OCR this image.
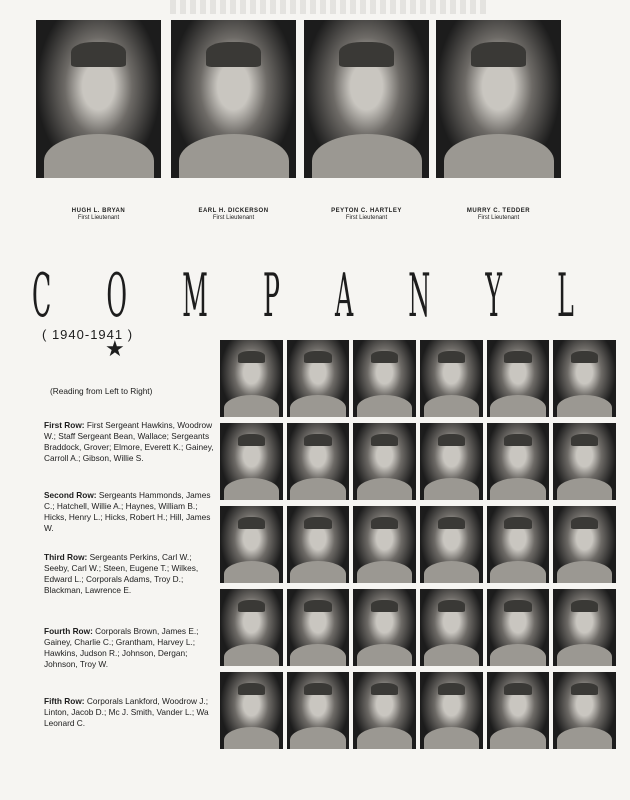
HUGH L. BRYAN
First Lieutenant
EARL H. DICKERSON
First Lieutenant
PEYTON C. HARTLEY
First Lieutenant
MURRY C. TEDDER
First Lieutenant
C O M P A N Y L
( 1940-1941 )
★
(Reading from Left to Right)
First Row: First Sergeant Hawkins, Woodrow W.; Staff Sergeant Bean, Wallace; Sergeants Braddock, Grover; Elmore, Everett K.; Gainey, Carroll A.; Gibson, Willie S.
Second Row: Sergeants Hammonds, James C.; Hatchell, Willie A.; Haynes, William B.; Hicks, Henry L.; Hicks, Robert H.; Hill, James W.
Third Row: Sergeants Perkins, Carl W.; Seeby, Carl W.; Steen, Eugene T.; Wilkes, Edward L.; Corporals Adams, Troy D.; Blackman, Lawrence E.
Fourth Row: Corporals Brown, James E.; Gainey, Charlie C.; Grantham, Harvey L.; Hawkins, Judson R.; Johnson, Dergan; Johnson, Troy W.
Fifth Row: Corporals Lankford, Woodrow J.; Linton, Jacob D.; Mc J. Smith, Vander L.; Wa Leonard C.
